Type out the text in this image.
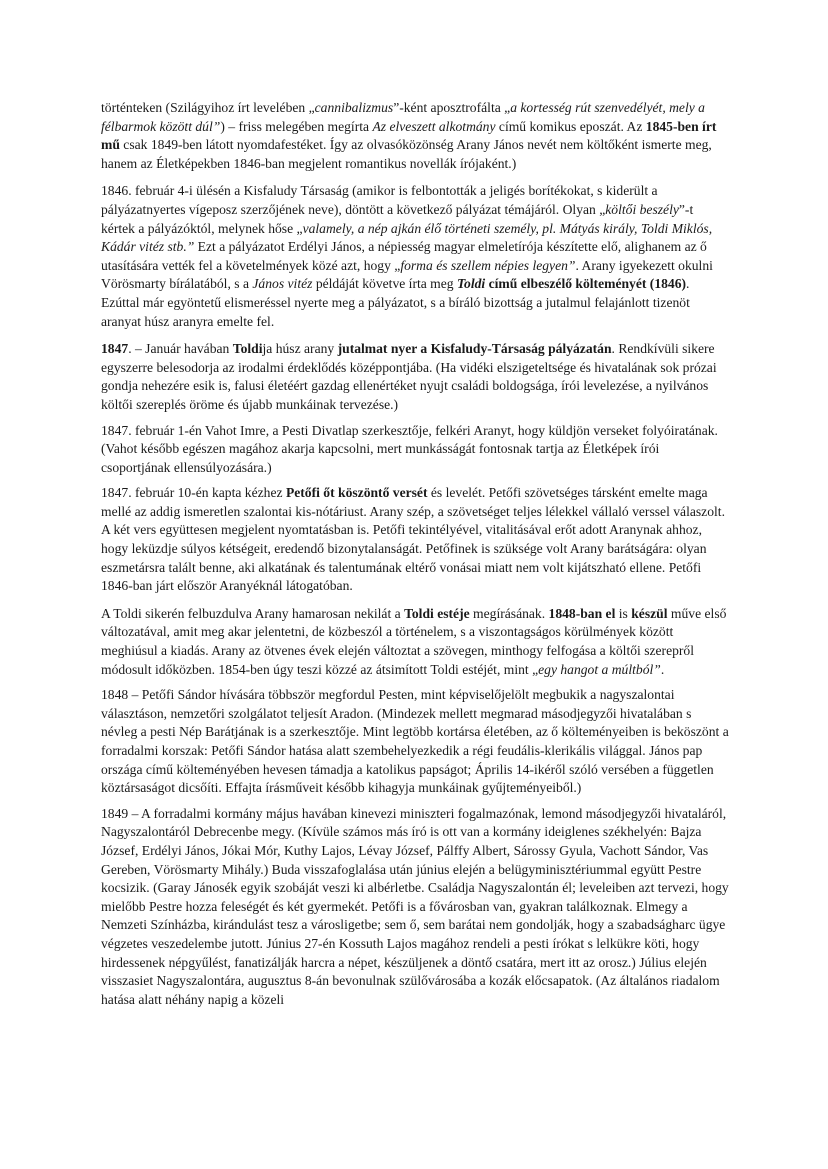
történteken (Szilágyihoz írt levelében „cannibalizmus”-ként aposztrofálta „a kortesség rút szenvedélyét, mely a félbarmok között dúl”) – friss melegében megírta Az elveszett alkotmány című komikus eposzát. Az 1845-ben írt mű csak 1849-ben látott nyomdafestéket. Így az olvasóközönség Arany János nevét nem költőként ismerte meg, hanem az Életképekben 1846-ban megjelent romantikus novellák írójaként.)

1846. február 4-i ülésén a Kisfaludy Társaság (amikor is felbontották a jeligés borítékokat, s kiderült a pályázatnyertes vígeposz szerzőjének neve), döntött a következő pályázat témájáról. Olyan „költői beszély”-t kértek a pályázóktól, melynek hőse „valamely, a nép ajkán élő történeti személy, pl. Mátyás király, Toldi Miklós, Kádár vitéz stb.” Ezt a pályázatot Erdélyi János, a népiesség magyar elmeletírója készítette elő, alighanem az ő utasítására vették fel a követelmények közé azt, hogy „forma és szellem népies legyen”. Arany igyekezett okulni Vörösmarty bírálatából, s a János vitéz példáját követve írta meg Toldi című elbeszélő költeményét (1846). Ezúttal már egyöntetű elismeréssel nyerte meg a pályázatot, s a bíráló bizottság a jutalmul felajánlott tizenöt aranyat húsz aranyra emelte fel.

1847. – Január havában Toldija húsz arany jutalmat nyer a Kisfaludy-Társaság pályázatán. Rendkívüli sikere egyszerre belesodorja az irodalmi érdeklődés középpontjába. (Ha vidéki elszigeteltsége és hivatalának sok prózai gondja nehezére esik is, falusi életéért gazdag ellenértéket nyujt családi boldogsága, írói levelezése, a nyilvános költői szereplés öröme és újabb munkáinak tervezése.)

1847. február 1-én Vahot Imre, a Pesti Divatlap szerkesztője, felkéri Aranyt, hogy küldjön verseket folyóiratának. (Vahot később egészen magához akarja kapcsolni, mert munkásságát fontosnak tartja az Életképek írói csoportjának ellensúlyozására.)

1847. február 10-én kapta kézhez Petőfi őt köszöntő versét és levelét. Petőfi szövetséges társként emelte maga mellé az addig ismeretlen szalontai kis-nótáriust. Arany szép, a szövetséget teljes lélekkel vállaló verssel válaszolt. A két vers együttesen megjelent nyomtatásban is. Petőfi tekintélyével, vitalitásával erőt adott Aranynak ahhoz, hogy leküzdje súlyos kétségeit, eredendő bizonytalanságát. Petőfinek is szüksége volt Arany barátságára: olyan eszmetársra talált benne, aki alkatának és talentumának eltérő vonásai miatt nem volt kijátszható ellene. Petőfi 1846-ban járt először Aranyéknál látogatóban.

A Toldi sikerén felbuzdulva Arany hamarosan nekilát a Toldi estéje megírásának. 1848-ban el is készül műve első változatával, amit meg akar jelentetni, de közbeszól a történelem, s a viszontagságos körülmények között meghiúsul a kiadás. Arany az ötvenes évek elején változtat a szövegen, minthogy felfogása a költői szerepről módosult időközben. 1854-ben úgy teszi közzé az átsimított Toldi estéjét, mint „egy hangot a múltból”.

1848 – Petőfi Sándor hívására többször megfordul Pesten, mint képviselőjelölt megbukik a nagyszalontai választáson, nemzetőri szolgálatot teljesít Aradon. (Mindezek mellett megmarad másodjegyzői hivatalában s névleg a pesti Nép Barátjának is a szerkesztője. Mint legtöbb kortársa életében, az ő költeményeiben is beköszönt a forradalmi korszak: Petőfi Sándor hatása alatt szembehelyezkedik a régi feudális-klerikális világgal. János pap országa című költeményében hevesen támadja a katolikus papságot; Április 14-ikéről szóló versében a független köztársaságot dicsőíti. Effajta írásműveit később kihagyja munkáinak gyűjteményeiből.)

1849 – A forradalmi kormány május havában kinevezi miniszteri fogalmazónak, lemond másodjegyzői hivataláról, Nagyszalontáról Debrecenbe megy. (Kívüle számos más író is ott van a kormány ideiglenes székhelyén: Bajza József, Erdélyi János, Jókai Mór, Kuthy Lajos, Lévay József, Pálffy Albert, Sárossy Gyula, Vachott Sándor, Vas Gereben, Vörösmarty Mihály.) Buda visszafoglalása után június elején a belügyminisztériummal együtt Pestre kocsizik. (Garay Jánosék egyik szobáját veszi ki albérletbe. Családja Nagyszalontán él; leveleiben azt tervezi, hogy mielőbb Pestre hozza feleségét és két gyermekét. Petőfi is a fővárosban van, gyakran találkoznak. Elmegy a Nemzeti Színházba, kirándulást tesz a városligetbe; sem ő, sem barátai nem gondolják, hogy a szabadságharc ügye végzetes veszedelembe jutott. Június 27-én Kossuth Lajos magához rendeli a pesti írókat s lelkükre köti, hogy hirdessenek népgyűlést, fanatizálják harcra a népet, készüljenek a döntő csatára, mert itt az orosz.) Július elején visszasiet Nagyszalontára, augusztus 8-án bevonulnak szülővárosába a kozák előcsapatok. (Az általános riadalom hatása alatt néhány napig a közeli
